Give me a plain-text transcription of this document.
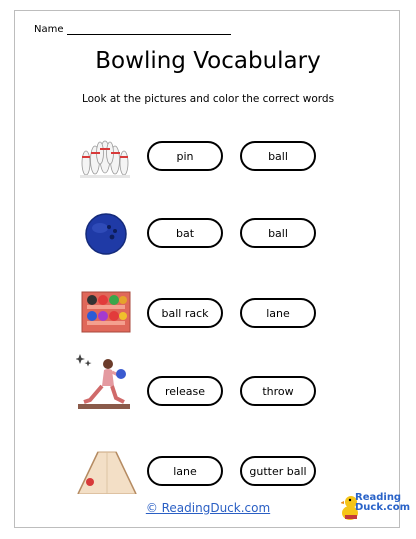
Name
Bowling Vocabulary
Look at the pictures and color the correct words
pin	ball
bat	ball
ball rack	lane
release	throw
lane	gutter ball
© ReadingDuck.com
Reading
Duck.com
